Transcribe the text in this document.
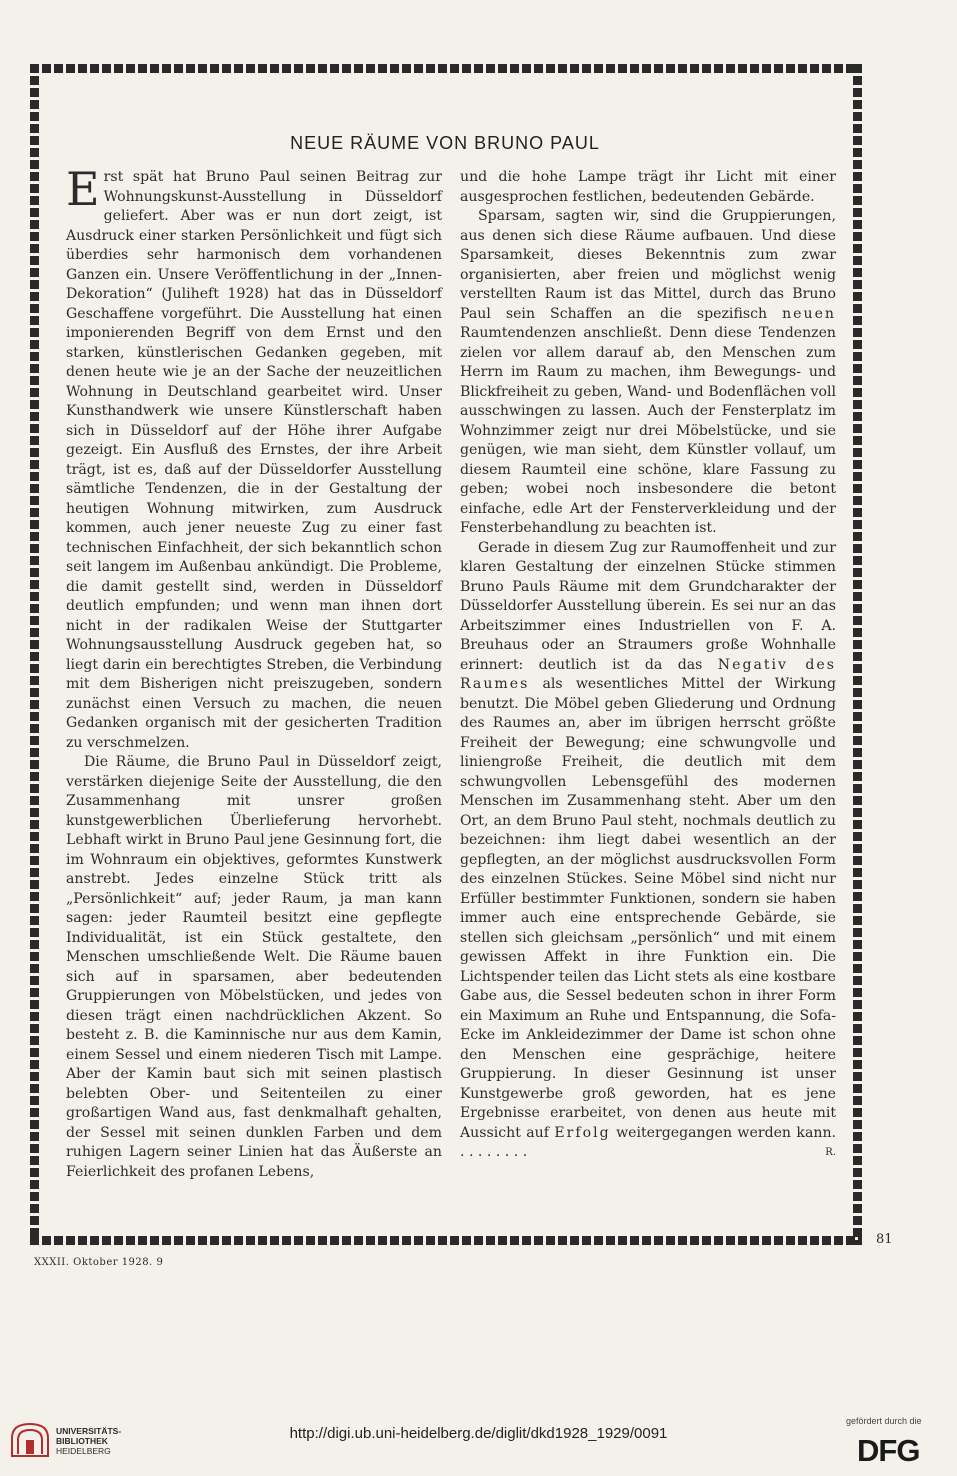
NEUE RÄUME VON BRUNO PAUL

Erst spät hat Bruno Paul seinen Beitrag zur Wohnungskunst-Ausstellung in Düsseldorf geliefert. Aber was er nun dort zeigt, ist Ausdruck einer starken Persönlichkeit und fügt sich überdies sehr harmonisch dem vorhandenen Ganzen ein. Unsere Veröffentlichung in der „Innen-Dekoration“ (Juliheft 1928) hat das in Düsseldorf Geschaffene vorgeführt. Die Ausstellung hat einen imponierenden Begriff von dem Ernst und den starken, künstlerischen Gedanken gegeben, mit denen heute wie je an der Sache der neuzeitlichen Wohnung in Deutschland gearbeitet wird. Unser Kunsthandwerk wie unsere Künstlerschaft haben sich in Düsseldorf auf der Höhe ihrer Aufgabe gezeigt. Ein Ausfluß des Ernstes, der ihre Arbeit trägt, ist es, daß auf der Düsseldorfer Ausstellung sämtliche Tendenzen, die in der Gestaltung der heutigen Wohnung mitwirken, zum Ausdruck kommen, auch jener neueste Zug zu einer fast technischen Einfachheit, der sich bekanntlich schon seit langem im Außenbau ankündigt. Die Probleme, die damit gestellt sind, werden in Düsseldorf deutlich empfunden; und wenn man ihnen dort nicht in der radikalen Weise der Stuttgarter Wohnungsausstellung Ausdruck gegeben hat, so liegt darin ein berechtigtes Streben, die Verbindung mit dem Bisherigen nicht preiszugeben, sondern zunächst einen Versuch zu machen, die neuen Gedanken organisch mit der gesicherten Tradition zu verschmelzen.

Die Räume, die Bruno Paul in Düsseldorf zeigt, verstärken diejenige Seite der Ausstellung, die den Zusammenhang mit unsrer großen kunstgewerblichen Überlieferung hervorhebt. Lebhaft wirkt in Bruno Paul jene Gesinnung fort, die im Wohnraum ein objektives, geformtes Kunstwerk anstrebt. Jedes einzelne Stück tritt als „Persönlichkeit“ auf; jeder Raum, ja man kann sagen: jeder Raumteil besitzt eine gepflegte Individualität, ist ein Stück gestaltete, den Menschen umschließende Welt. Die Räume bauen sich auf in sparsamen, aber bedeutenden Gruppierungen von Möbelstücken, und jedes von diesen trägt einen nachdrücklichen Akzent. So besteht z. B. die Kaminnische nur aus dem Kamin, einem Sessel und einem niederen Tisch mit Lampe. Aber der Kamin baut sich mit seinen plastisch belebten Ober- und Seitenteilen zu einer großartigen Wand aus, fast denkmalhaft gehalten, der Sessel mit seinen dunklen Farben und dem ruhigen Lagern seiner Linien hat das Äußerste an Feierlichkeit des profanen Lebens,

und die hohe Lampe trägt ihr Licht mit einer ausgesprochen festlichen, bedeutenden Gebärde.

Sparsam, sagten wir, sind die Gruppierungen, aus denen sich diese Räume aufbauen. Und diese Sparsamkeit, dieses Bekenntnis zum zwar organisierten, aber freien und möglichst wenig verstellten Raum ist das Mittel, durch das Bruno Paul sein Schaffen an die spezifisch neuen Raumtendenzen anschließt. Denn diese Tendenzen zielen vor allem darauf ab, den Menschen zum Herrn im Raum zu machen, ihm Bewegungs- und Blickfreiheit zu geben, Wand- und Bodenflächen voll ausschwingen zu lassen. Auch der Fensterplatz im Wohnzimmer zeigt nur drei Möbelstücke, und sie genügen, wie man sieht, dem Künstler vollauf, um diesem Raumteil eine schöne, klare Fassung zu geben; wobei noch insbesondere die betont einfache, edle Art der Fensterverkleidung und der Fensterbehandlung zu beachten ist.

Gerade in diesem Zug zur Raumoffenheit und zur klaren Gestaltung der einzelnen Stücke stimmen Bruno Pauls Räume mit dem Grundcharakter der Düsseldorfer Ausstellung überein. Es sei nur an das Arbeitszimmer eines Industriellen von F. A. Breuhaus oder an Straumers große Wohnhalle erinnert: deutlich ist da das Negativ des Raumes als wesentliches Mittel der Wirkung benutzt. Die Möbel geben Gliederung und Ordnung des Raumes an, aber im übrigen herrscht größte Freiheit der Bewegung; eine schwungvolle und liniengroße Freiheit, die deutlich mit dem schwungvollen Lebensgefühl des modernen Menschen im Zusammenhang steht. Aber um den Ort, an dem Bruno Paul steht, nochmals deutlich zu bezeichnen: ihm liegt dabei wesentlich an der gepflegten, an der möglichst ausdrucksvollen Form des einzelnen Stückes. Seine Möbel sind nicht nur Erfüller bestimmter Funktionen, sondern sie haben immer auch eine entsprechende Gebärde, sie stellen sich gleichsam „persönlich“ und mit einem gewissen Affekt in ihre Funktion ein. Die Lichtspender teilen das Licht stets als eine kostbare Gabe aus, die Sessel bedeuten schon in ihrer Form ein Maximum an Ruhe und Entspannung, die Sofa-Ecke im Ankleidezimmer der Dame ist schon ohne den Menschen eine gesprächige, heitere Gruppierung. In dieser Gesinnung ist unser Kunstgewerbe groß geworden, hat es jene Ergebnisse erarbeitet, von denen aus heute mit Aussicht auf Erfolg weitergegangen werden kann. . . . . . . . .	R.

81
XXXII. Oktober 1928. 9
UNIVERSITÄTS-
BIBLIOTHEK
HEIDELBERG
http://digi.ub.uni-heidelberg.de/diglit/dkd1928_1929/0091
gefördert durch die
DFG
